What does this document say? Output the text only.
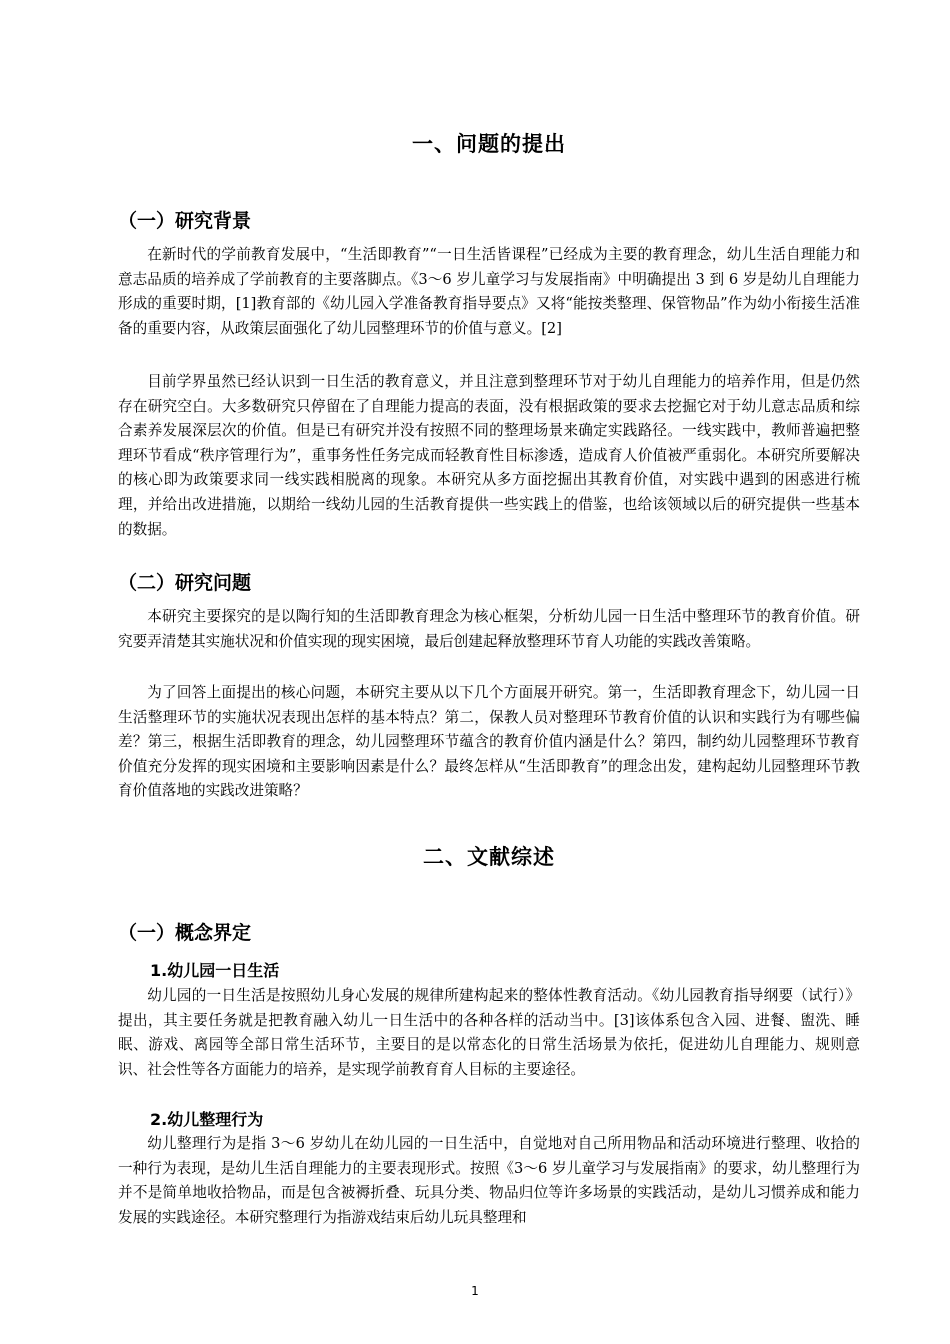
一、问题的提出
（一）研究背景

在新时代的学前教育发展中，“生活即教育”“一日生活皆课程”已经成为主要的教育理念，幼儿生活自理能力和意志品质的培养成了学前教育的主要落脚点。《3～6 岁儿童学习与发展指南》中明确提出 3 到 6 岁是幼儿自理能力形成的重要时期，[1]教育部的《幼儿园入学准备教育指导要点》又将“能按类整理、保管物品”作为幼小衔接生活准备的重要内容，从政策层面强化了幼儿园整理环节的价值与意义。[2]

目前学界虽然已经认识到一日生活的教育意义，并且注意到整理环节对于幼儿自理能力的培养作用，但是仍然存在研究空白。大多数研究只停留在了自理能力提高的表面，没有根据政策的要求去挖掘它对于幼儿意志品质和综合素养发展深层次的价值。但是已有研究并没有按照不同的整理场景来确定实践路径。一线实践中，教师普遍把整理环节看成“秩序管理行为”，重事务性任务完成而轻教育性目标渗透，造成育人价值被严重弱化。本研究所要解决的核心即为政策要求同一线实践相脱离的现象。本研究从多方面挖掘出其教育价值，对实践中遇到的困惑进行梳理，并给出改进措施，以期给一线幼儿园的生活教育提供一些实践上的借鉴，也给该领域以后的研究提供一些基本的数据。

（二）研究问题

本研究主要探究的是以陶行知的生活即教育理念为核心框架，分析幼儿园一日生活中整理环节的教育价值。研究要弄清楚其实施状况和价值实现的现实困境，最后创建起释放整理环节育人功能的实践改善策略。

为了回答上面提出的核心问题，本研究主要从以下几个方面展开研究。第一，生活即教育理念下，幼儿园一日生活整理环节的实施状况表现出怎样的基本特点？第二，保教人员对整理环节教育价值的认识和实践行为有哪些偏差？第三，根据生活即教育的理念，幼儿园整理环节蕴含的教育价值内涵是什么？第四，制约幼儿园整理环节教育价值充分发挥的现实困境和主要影响因素是什么？最终怎样从“生活即教育”的理念出发，建构起幼儿园整理环节教育价值落地的实践改进策略？

二、文献综述
（一）概念界定
1.幼儿园一日生活

幼儿园的一日生活是按照幼儿身心发展的规律所建构起来的整体性教育活动。《幼儿园教育指导纲要（试行）》提出，其主要任务就是把教育融入幼儿一日生活中的各种各样的活动当中。[3]该体系包含入园、进餐、盥洗、睡眠、游戏、离园等全部日常生活环节，主要目的是以常态化的日常生活场景为依托，促进幼儿自理能力、规则意识、社会性等各方面能力的培养，是实现学前教育育人目标的主要途径。

2.幼儿整理行为

幼儿整理行为是指 3～6 岁幼儿在幼儿园的一日生活中，自觉地对自己所用物品和活动环境进行整理、收拾的一种行为表现，是幼儿生活自理能力的主要表现形式。按照《3～6 岁儿童学习与发展指南》的要求，幼儿整理行为并不是简单地收拾物品，而是包含被褥折叠、玩具分类、物品归位等许多场景的实践活动，是幼儿习惯养成和能力发展的实践途径。本研究整理行为指游戏结束后幼儿玩具整理和

1
